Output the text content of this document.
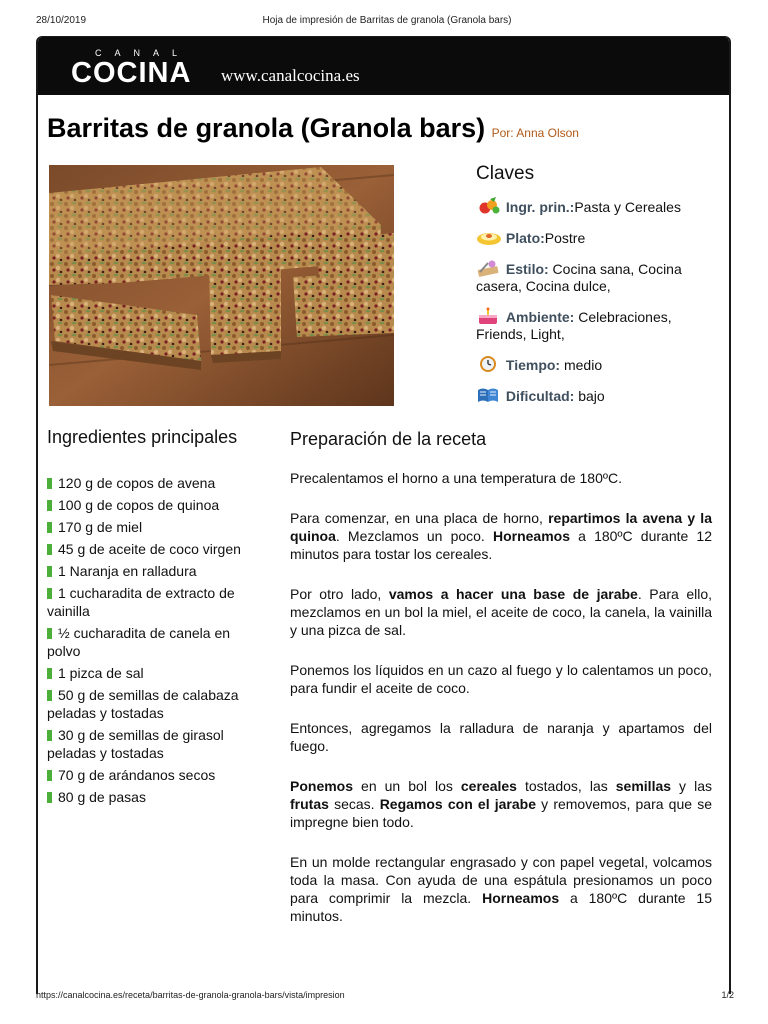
28/10/2019	Hoja de impresión de Barritas de granola (Granola bars)
CANAL
COCINA www.canalcocina.es
Barritas de granola (Granola bars) Por: Anna Olson
Claves
Ingr. prin.:Pasta y Cereales
Plato:Postre
Estilo: Cocina sana, Cocina casera, Cocina dulce,
Ambiente: Celebraciones, Friends, Light,
Tiempo: medio
Dificultad: bajo
Ingredientes principales
120 g de copos de avena
100 g de copos de quinoa
170 g de miel
45 g de aceite de coco virgen
1 Naranja en ralladura
1 cucharadita de extracto de vainilla
½ cucharadita de canela en polvo
1 pizca de sal
50 g de semillas de calabaza peladas y tostadas
30 g de semillas de girasol peladas y tostadas
70 g de arándanos secos
80 g de pasas
Preparación de la receta

Precalentamos el horno a una temperatura de 180ºC.

Para comenzar, en una placa de horno, repartimos la avena y la quinoa. Mezclamos un poco. Horneamos a 180ºC durante 12 minutos para tostar los cereales.

Por otro lado, vamos a hacer una base de jarabe. Para ello, mezclamos en un bol la miel, el aceite de coco, la canela, la vainilla y una pizca de sal.

Ponemos los líquidos en un cazo al fuego y lo calentamos un poco, para fundir el aceite de coco.

Entonces, agregamos la ralladura de naranja y apartamos del fuego.

Ponemos en un bol los cereales tostados, las semillas y las frutas secas. Regamos con el jarabe y removemos, para que se impregne bien todo.

En un molde rectangular engrasado y con papel vegetal, volcamos toda la masa. Con ayuda de una espátula presionamos un poco para comprimir la mezcla. Horneamos a 180ºC durante 15 minutos.

https://canalcocina.es/receta/barritas-de-granola-granola-bars/vista/impresion	1/2
